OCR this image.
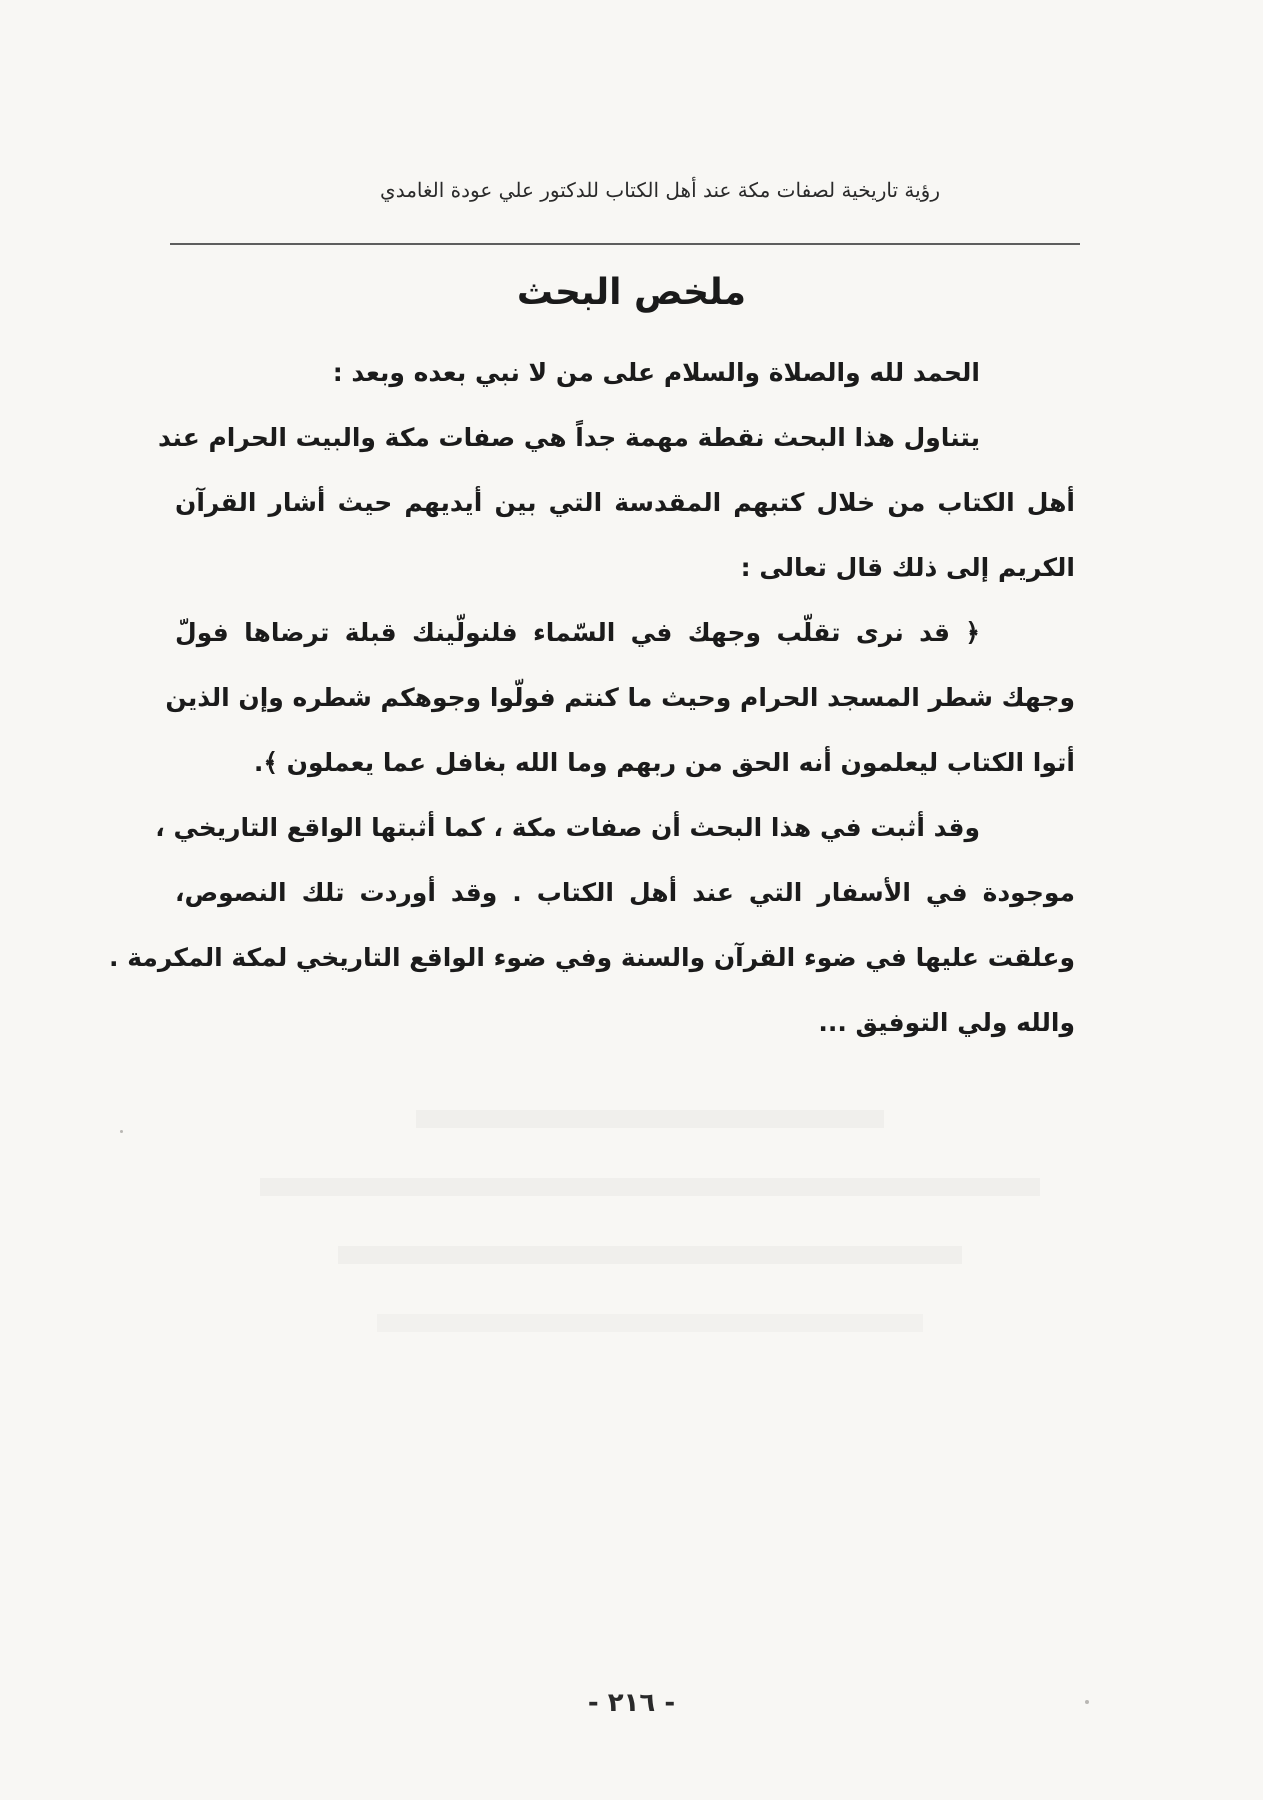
رؤية تاريخية لصفات مكة عند أهل الكتاب للدكتور علي عودة الغامدي
ملخص البحث
الحمد لله والصلاة والسلام على من لا نبي بعده وبعد :
يتناول هذا البحث نقطة مهمة جداً هي صفات مكة والبيت الحرام عند
أهل الكتاب من خلال كتبهم المقدسة التي بين أيديهم حيث أشار القرآن
الكريم إلى ذلك قال تعالى :
﴿ قد نرى تقلّب وجهك في السّماء فلنولّينك قبلة ترضاها فولّ
وجهك شطر المسجد الحرام وحيث ما كنتم فولّوا وجوهكم شطره وإن الذين
أتوا الكتاب ليعلمون أنه الحق من ربهم وما الله بغافل عما يعملون ﴾.
وقد أثبت في هذا البحث أن صفات مكة ، كما أثبتها الواقع التاريخي ،
موجودة في الأسفار التي عند أهل الكتاب . وقد أوردت تلك النصوص،
وعلقت عليها في ضوء القرآن والسنة وفي ضوء الواقع التاريخي لمكة المكرمة .
والله ولي التوفيق ...
- ٢١٦ -
